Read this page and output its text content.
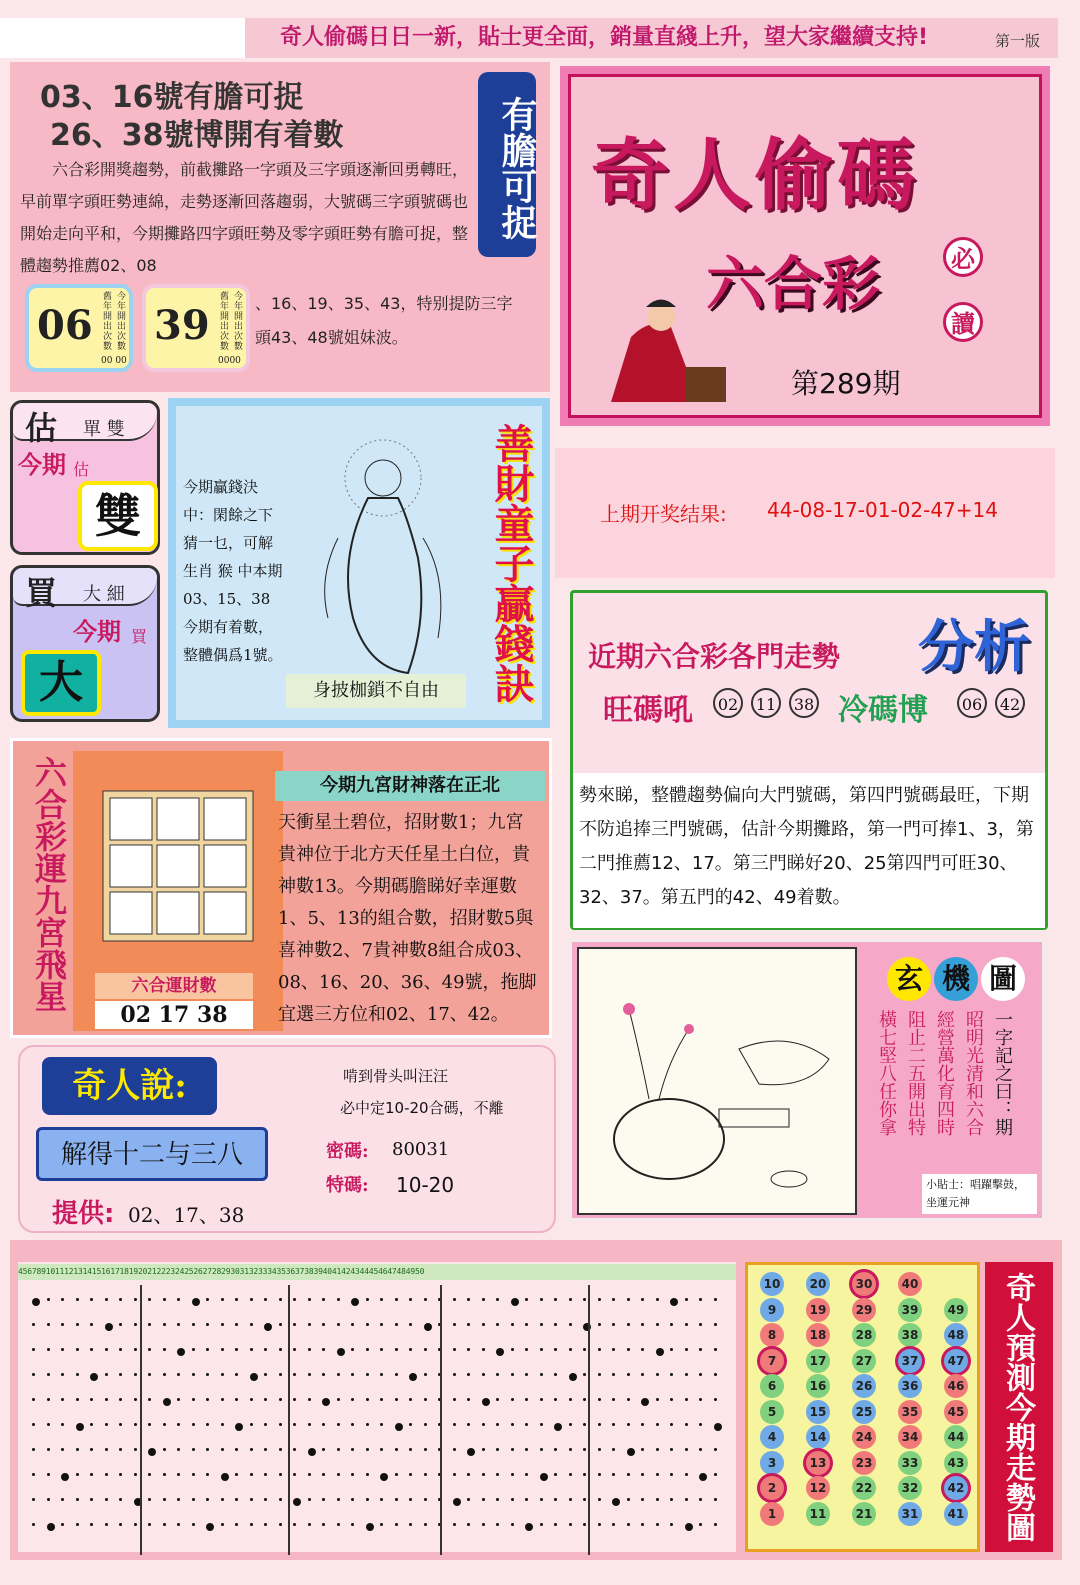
奇人偷碼日日一新，貼士更全面，銷量直綫上升，望大家繼續支持!	第一版
03、16號有膽可捉
26、38號博開有着數	有膽可捉
六合彩開獎趨勢，前截攤路一字頭及三字頭逐漸回勇轉旺，早前單字頭旺勢連綿，走勢逐漸回落趨弱，大號碼三字頭號碼也開始走向平和，今期攤路四字頭旺勢及零字頭旺勢有膽可捉，整體趨勢推薦02、08
06
今年開出次數
舊年開出次數
00 00
39
今年開出次數
舊年開出次數
0000
、16、19、35、43，特别提防三字頭43、48號姐妹波。
奇人偷碼
六合彩	必
讀
第289期
上期开奖结果: 44-08-17-01-02-47+14
估 單 雙
今期 估
雙
買 大 細
今期 買
大
今期贏錢決中：閑餘之下猜一乜，可解生肖 猴 中本期03、15、38今期有着數，整體偶爲1號。	善財童子贏錢訣
身披枷鎖不自由
近期六合彩各門走勢 分析
旺碼吼	02	11	38 冷碼博	06	42
勢來睇，整體趨勢偏向大門號碼，第四門號碼最旺，下期不防追捧三門號碼，估計今期攤路，第一門可捧1、3，第二門推薦12、17。第三門睇好20、25第四門可旺30、32、37。第五門的42、49着數。
六合彩運九宮飛星	六合運財數
02 17 38
今期九宮財神落在正北
天衝星土碧位，招財數1；九宮貴神位于北方天任星土白位，貴神數13。今期碼膽睇好幸運數1、5、13的組合數，招財數5與喜神數2、7貴神數8組合成03、08、16、20、36、49號，拖脚宜選三方位和02、17、42。
奇人說:
解得十二与三八
提供: 02、17、38
啃到骨头叫汪汪
必中定10-20合碼，不離
密碼: 80031
特碼: 10-20
玄 機 圖
一字記之曰：期
昭明光清和六合
經營萬化育四時
阻止二五開出特
橫七堅八任你拿
小貼士：唱躍擊鼓，坐運元神
4567891011121314151617181920212223242526272829303132333435363738394041424344454647484950
10	20	30	40
9	19	29	39	49
8	18	28	38	48
7	17	27	37	47
6	16	26	36	46
5	15	25	35	45
4	14	24	34	44
3	13	23	33	43
2	12	22	32	42
1	11	21	31	41 奇人預測今期走勢圖
